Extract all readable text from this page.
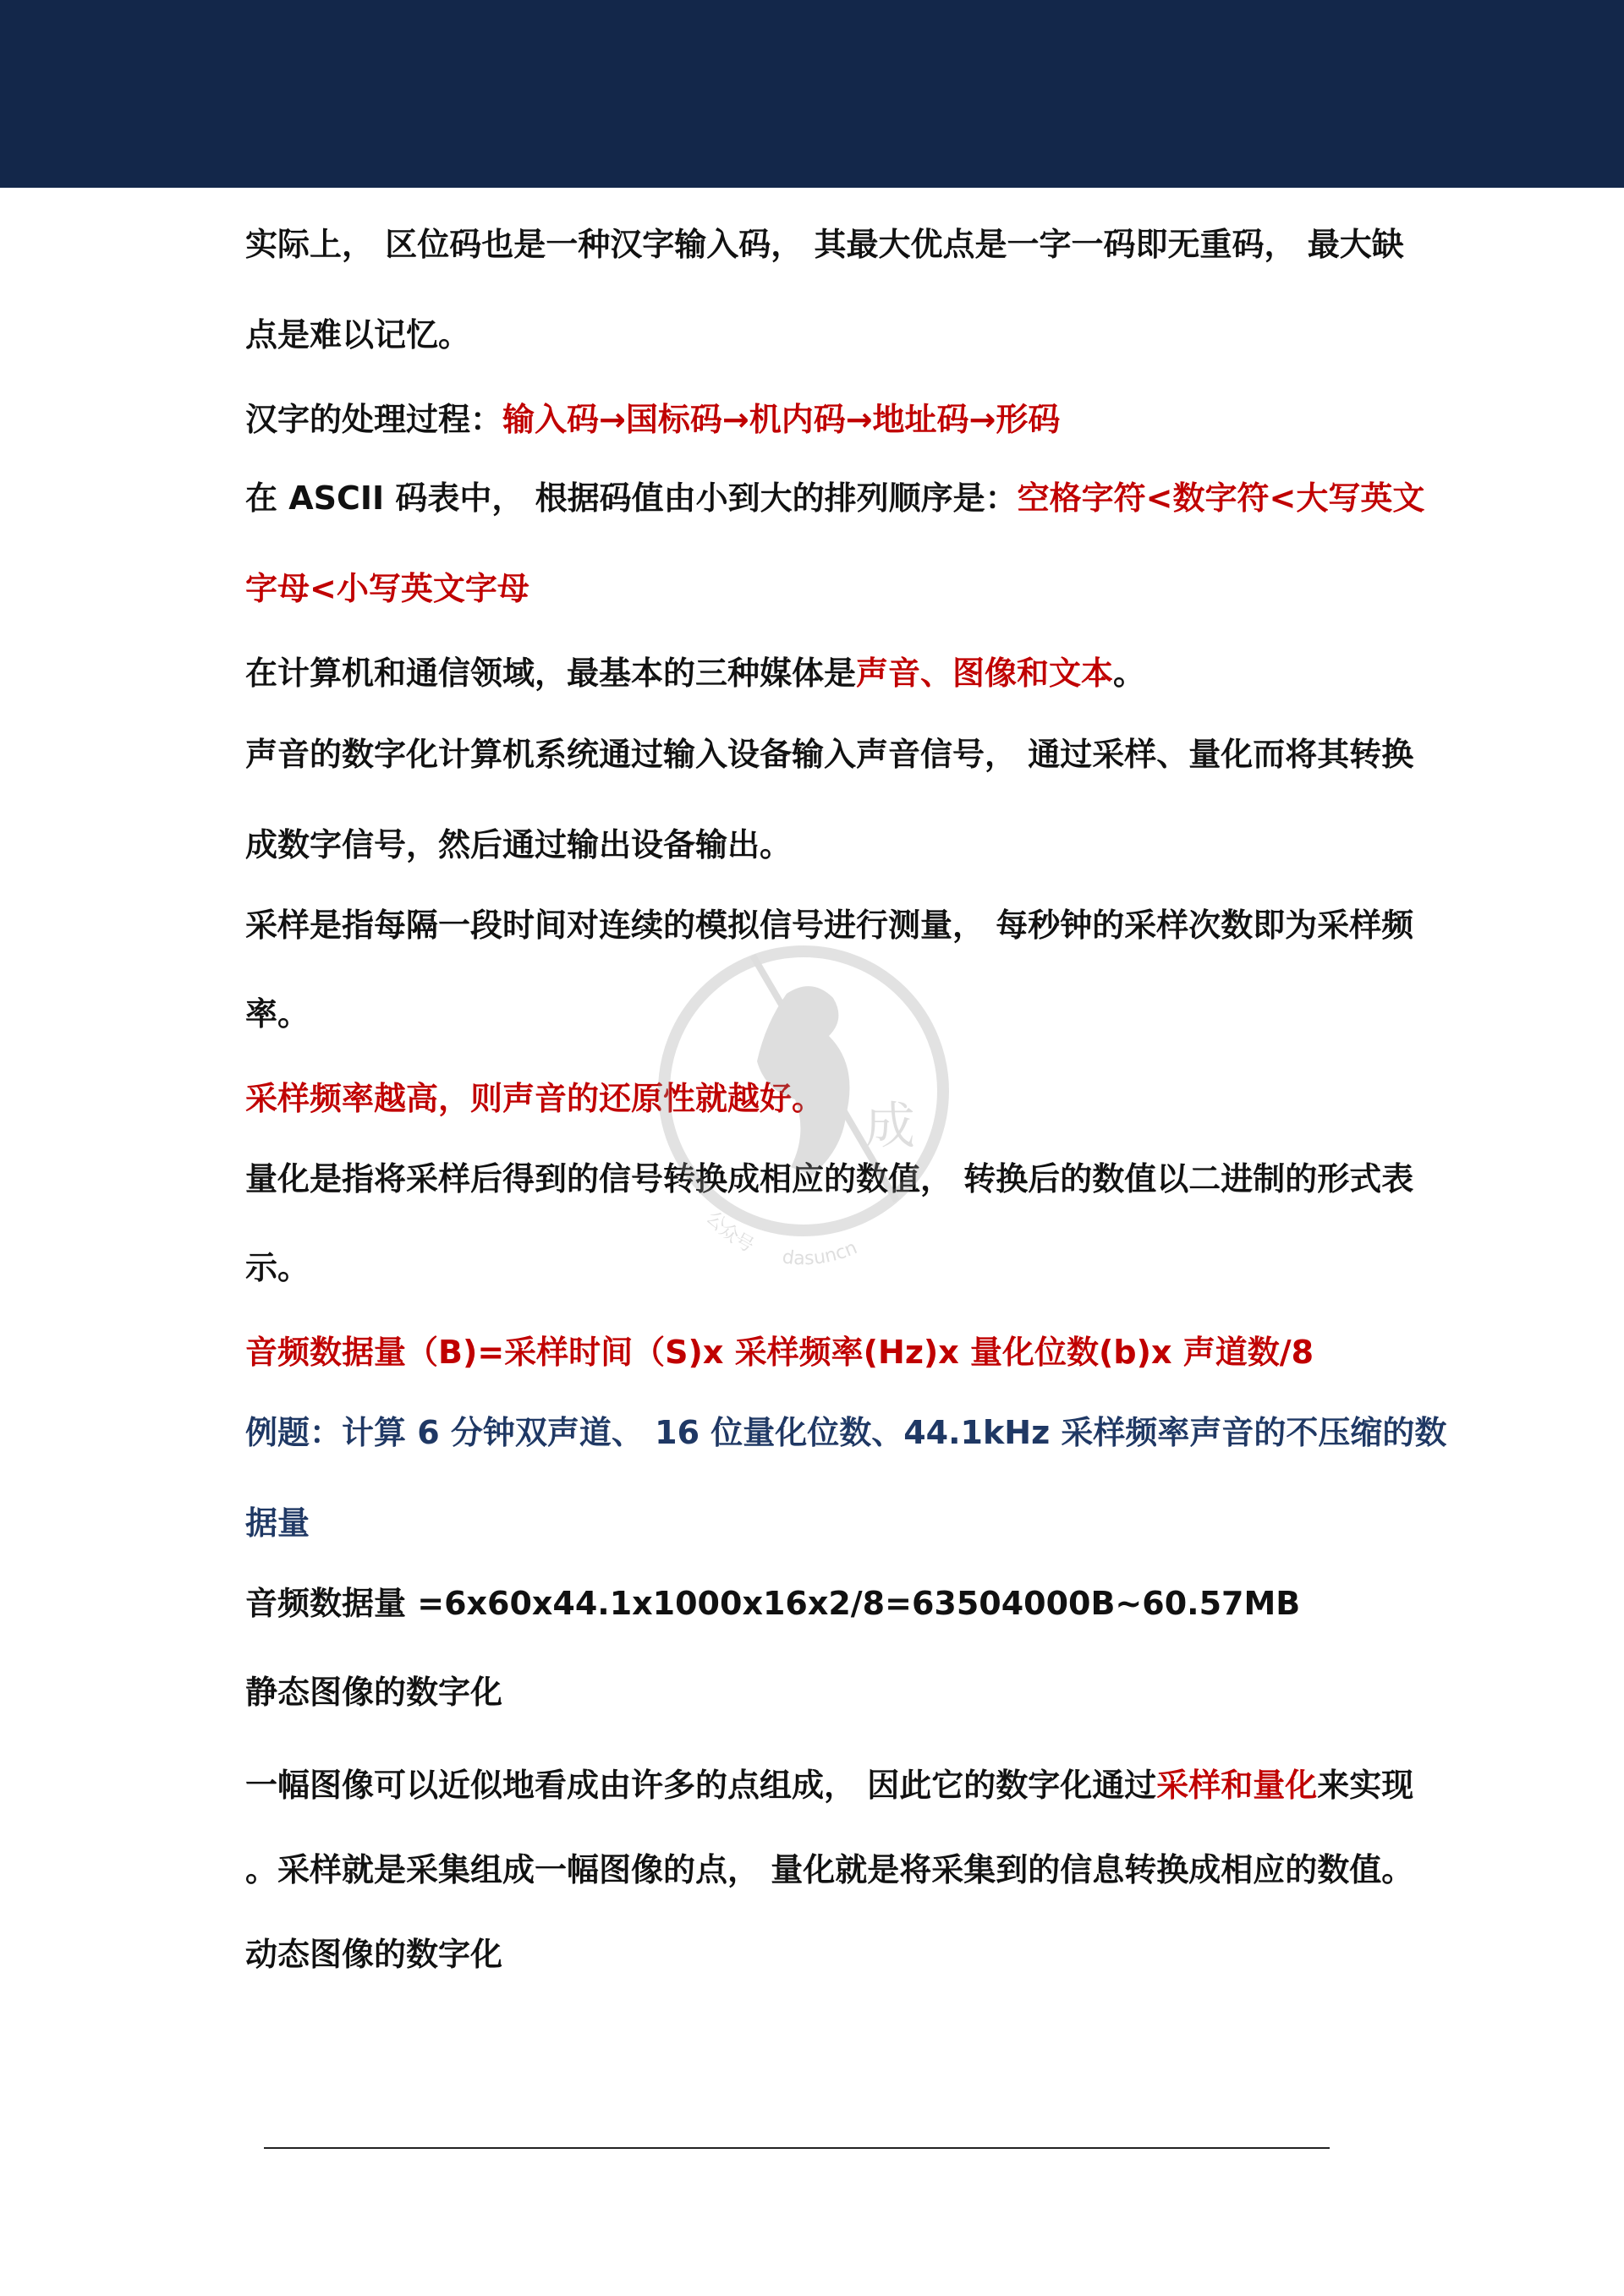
实际上， 区位码也是一种汉字输入码， 其最大优点是一字一码即无重码， 最大缺
点是难以记忆。
汉字的处理过程：输入码→国标码→机内码→地址码→形码
在 ASCII 码表中， 根据码值由小到大的排列顺序是：空格字符<数字符<大写英文
字母<小写英文字母
在计算机和通信领域，最基本的三种媒体是声音、图像和文本。
声音的数字化计算机系统通过输入设备输入声音信号， 通过采样、量化而将其转换
成数字信号，然后通过输出设备输出。
采样是指每隔一段时间对连续的模拟信号进行测量， 每秒钟的采样次数即为采样频
率。
采样频率越高，则声音的还原性就越好。
量化是指将采样后得到的信号转换成相应的数值， 转换后的数值以二进制的形式表
示。
音频数据量（B)=采样时间（S)x 采样频率(Hz)x 量化位数(b)x 声道数/8
例题：计算 6 分钟双声道、 16 位量化位数、44.1kHz 采样频率声音的不压缩的数
据量
音频数据量 =6x60x44.1x1000x16x2/8=63504000B~60.57MB
静态图像的数字化
一幅图像可以近似地看成由许多的点组成， 因此它的数字化通过采样和量化来实现
。采样就是采集组成一幅图像的点， 量化就是将采集到的信息转换成相应的数值。
动态图像的数字化
成
公众号dasuncn
